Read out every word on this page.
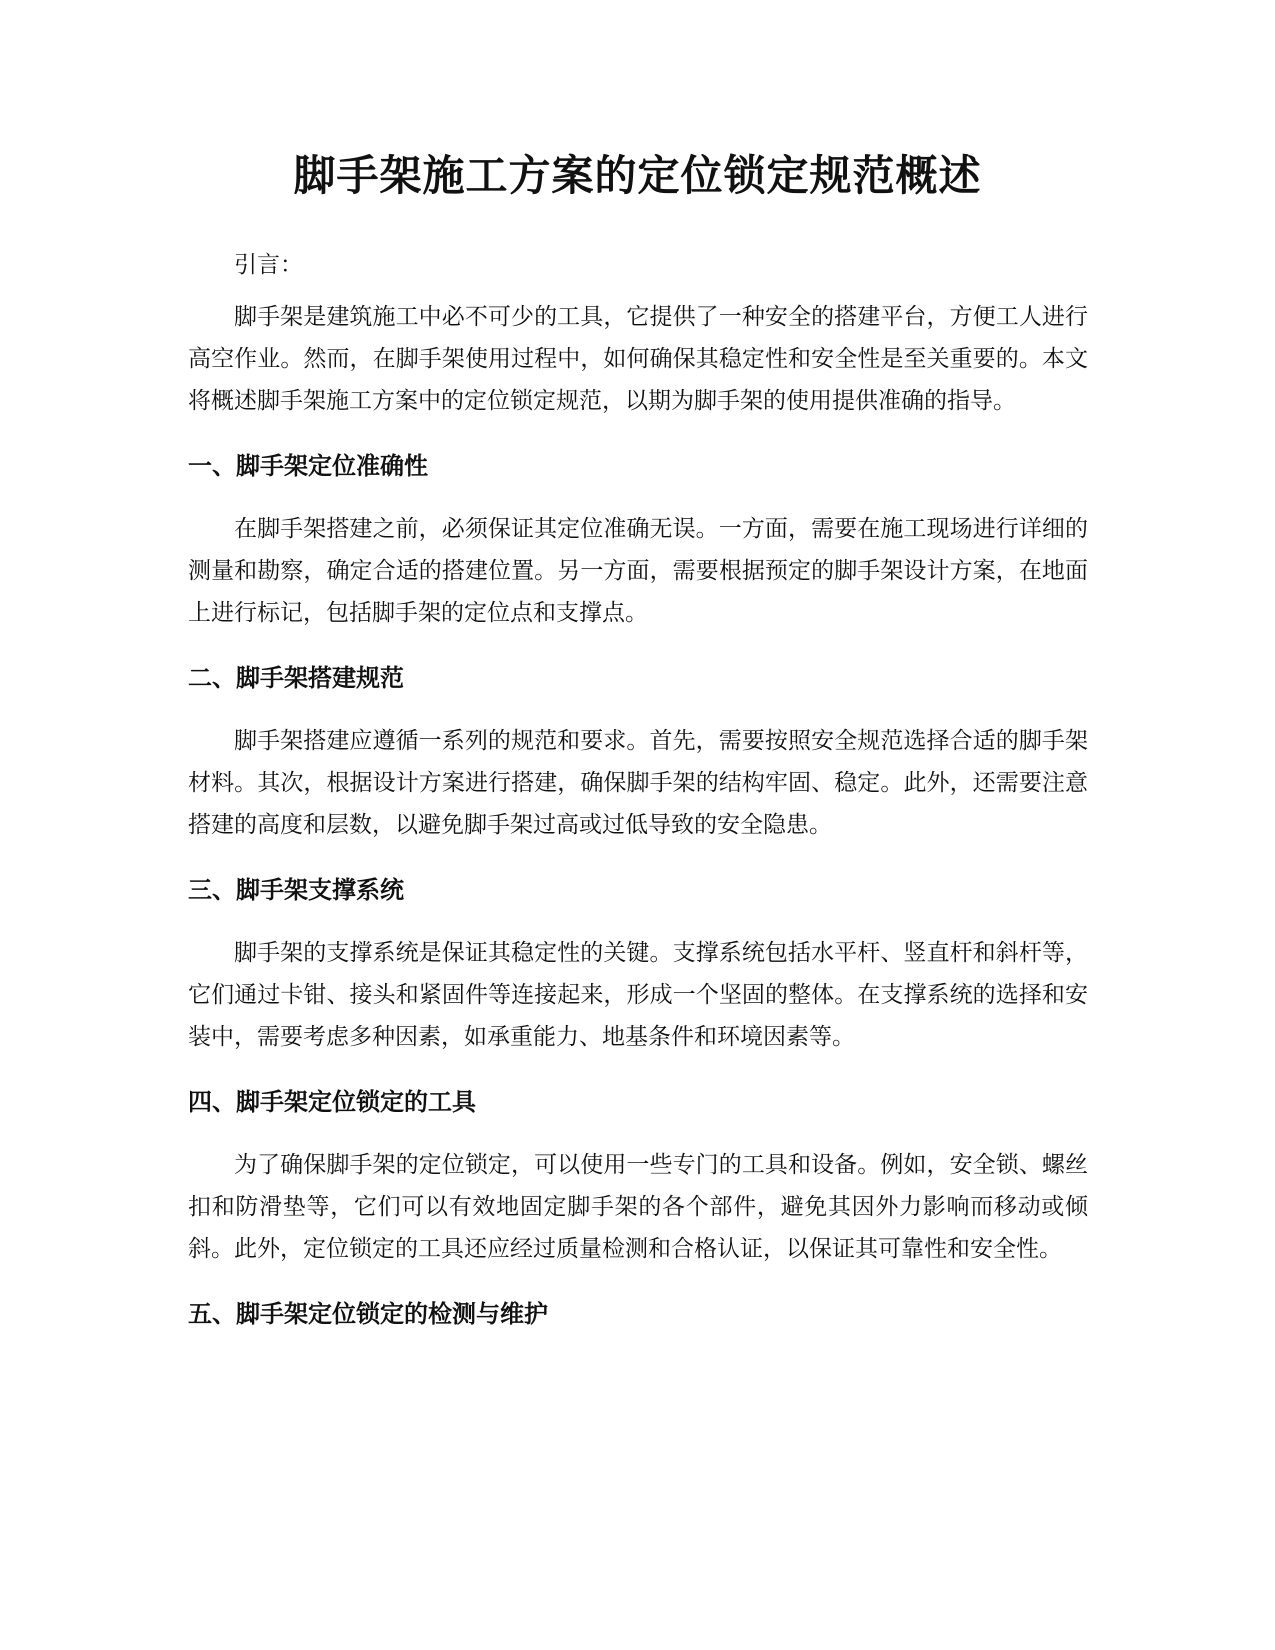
脚手架施工方案的定位锁定规范概述

引言：

脚手架是建筑施工中必不可少的工具，它提供了一种安全的搭建平台，方便工人进行高空作业。然而，在脚手架使用过程中，如何确保其稳定性和安全性是至关重要的。本文将概述脚手架施工方案中的定位锁定规范，以期为脚手架的使用提供准确的指导。

一、脚手架定位准确性

在脚手架搭建之前，必须保证其定位准确无误。一方面，需要在施工现场进行详细的测量和勘察，确定合适的搭建位置。另一方面，需要根据预定的脚手架设计方案，在地面上进行标记，包括脚手架的定位点和支撑点。

二、脚手架搭建规范

脚手架搭建应遵循一系列的规范和要求。首先，需要按照安全规范选择合适的脚手架材料。其次，根据设计方案进行搭建，确保脚手架的结构牢固、稳定。此外，还需要注意搭建的高度和层数，以避免脚手架过高或过低导致的安全隐患。

三、脚手架支撑系统

脚手架的支撑系统是保证其稳定性的关键。支撑系统包括水平杆、竖直杆和斜杆等，它们通过卡钳、接头和紧固件等连接起来，形成一个坚固的整体。在支撑系统的选择和安装中，需要考虑多种因素，如承重能力、地基条件和环境因素等。

四、脚手架定位锁定的工具

为了确保脚手架的定位锁定，可以使用一些专门的工具和设备。例如，安全锁、螺丝扣和防滑垫等，它们可以有效地固定脚手架的各个部件，避免其因外力影响而移动或倾斜。此外，定位锁定的工具还应经过质量检测和合格认证，以保证其可靠性和安全性。

五、脚手架定位锁定的检测与维护
